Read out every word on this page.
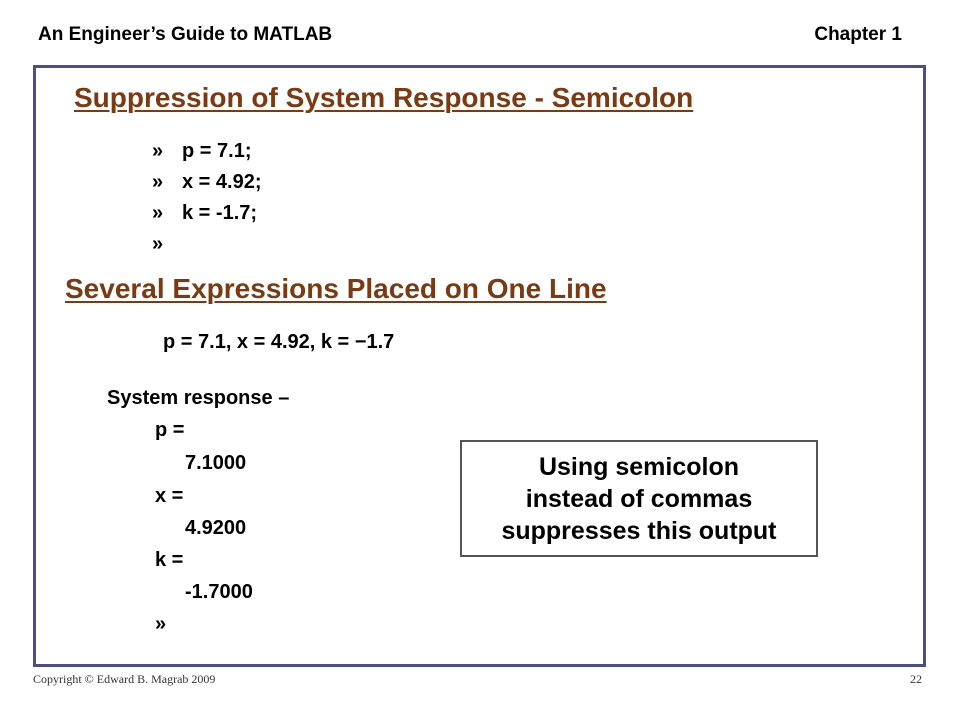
An Engineer’s Guide to MATLAB	Chapter 1
Suppression of System Response - Semicolon
» p = 7.1;
» x = 4.92;
» k = -1.7;
»
Several Expressions Placed on One Line
p = 7.1, x = 4.92, k = −1.7
System response –
p =
7.1000
x =
4.9200
k =
-1.7000
»
Using semicolon
instead of commas
suppresses this output
Copyright © Edward B. Magrab 2009	22
